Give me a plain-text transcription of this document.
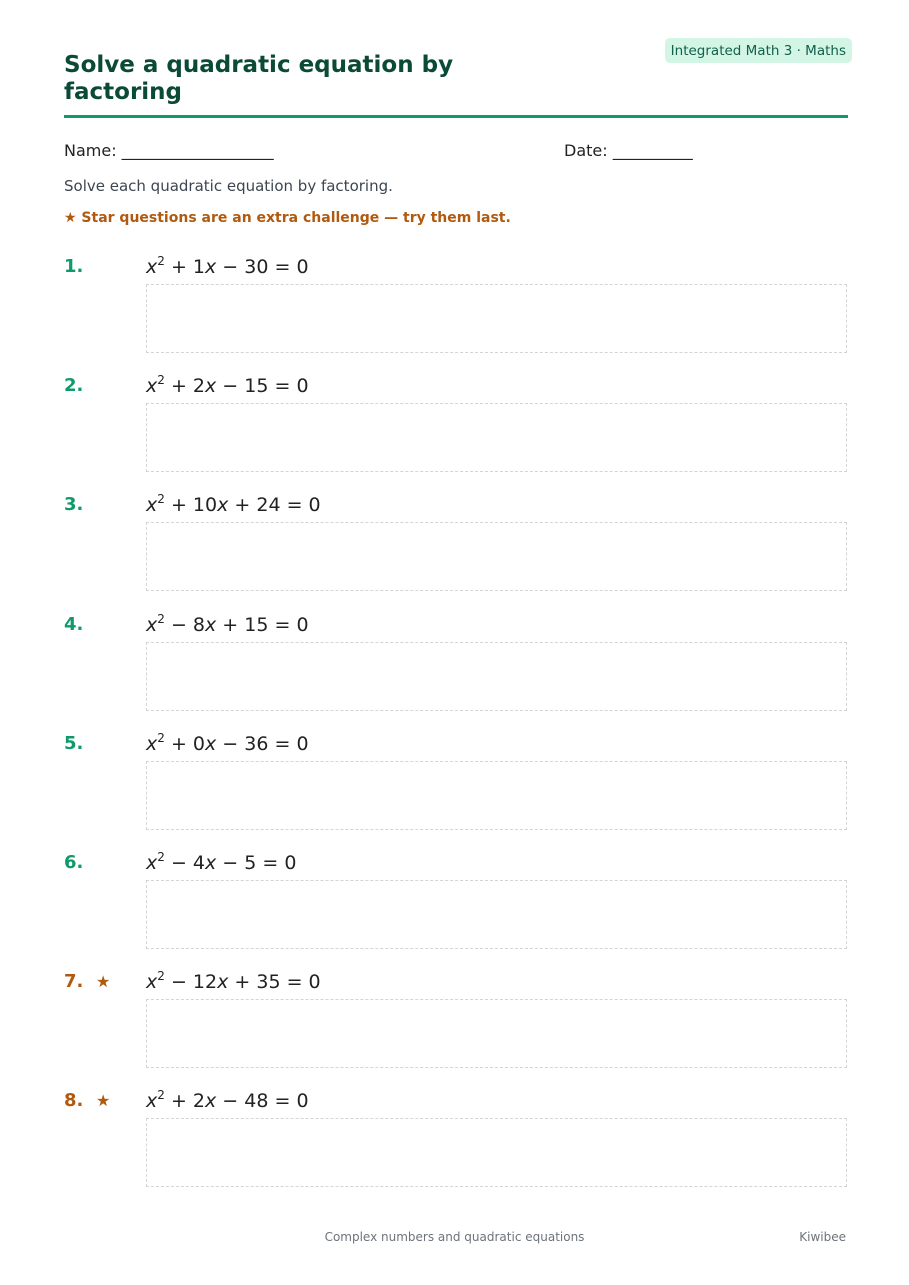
Solve a quadratic equation by factoring
Integrated Math 3 · Maths
Name: ___________________	Date: __________
Solve each quadratic equation by factoring.
★ Star questions are an extra challenge — try them last.
1.	$x^2 + 1x - 30 = 0$
2.	$x^2 + 2x - 15 = 0$
3.	$x^2 + 10x + 24 = 0$
4.	$x^2 - 8x + 15 = 0$
5.	$x^2 + 0x - 36 = 0$
6.	$x^2 - 4x - 5 = 0$
7. ★ $x^2 - 12x + 35 = 0$
8. ★ $x^2 + 2x - 48 = 0$
Complex numbers and quadratic equations	Kiwibee
